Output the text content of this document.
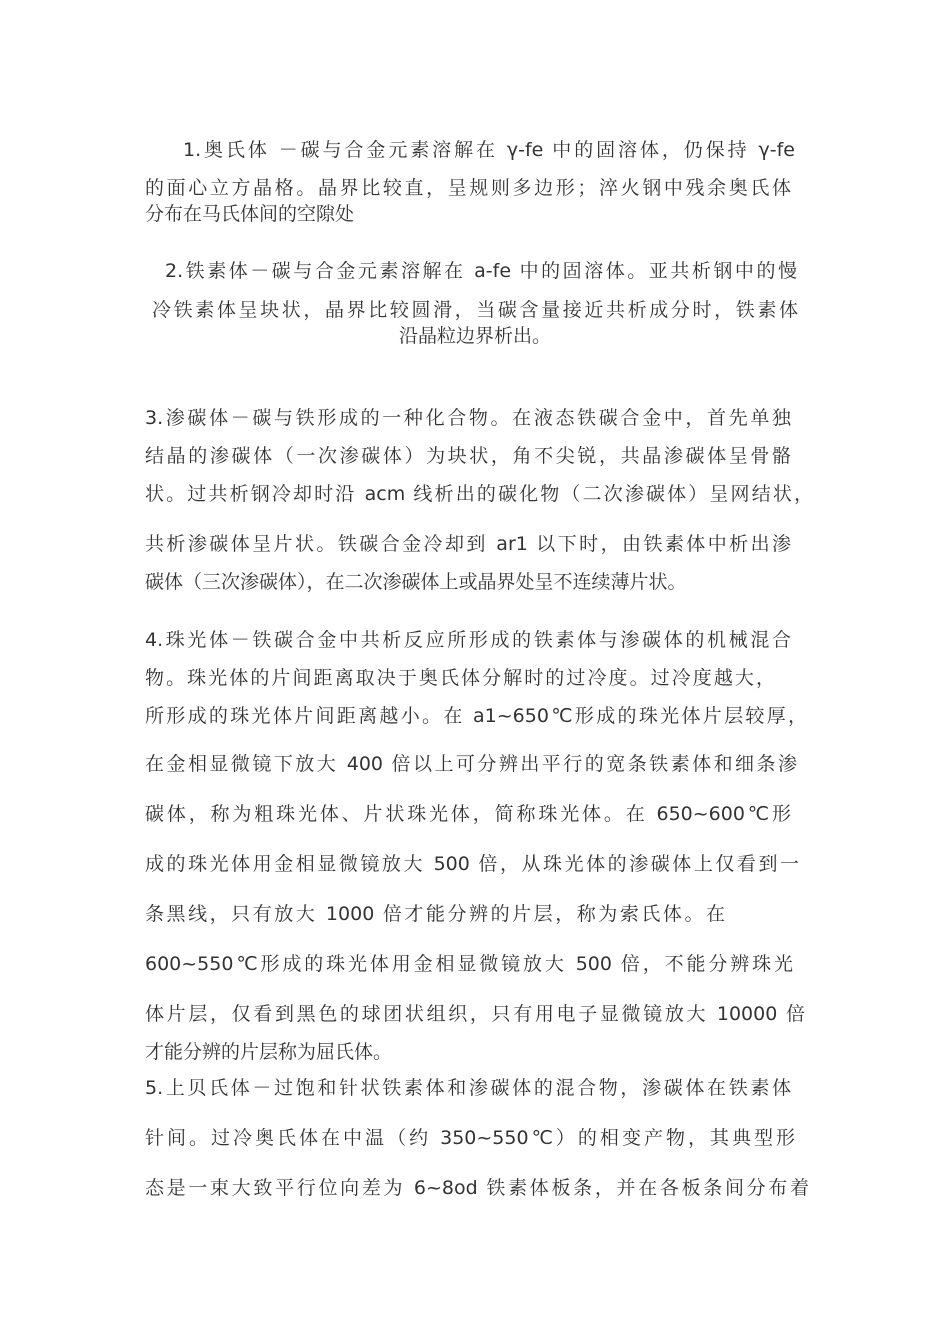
1.奥氏体 －碳与合金元素溶解在 γ-fe 中的固溶体，仍保持 γ-fe

的面心立方晶格。晶界比较直，呈规则多边形；淬火钢中残余奥氏体

分布在马氏体间的空隙处

2.铁素体－碳与合金元素溶解在 a-fe 中的固溶体。亚共析钢中的慢

冷铁素体呈块状，晶界比较圆滑，当碳含量接近共析成分时，铁素体

沿晶粒边界析出。

3.渗碳体－碳与铁形成的一种化合物。在液态铁碳合金中，首先单独

结晶的渗碳体（一次渗碳体）为块状，角不尖锐，共晶渗碳体呈骨骼

状。过共析钢冷却时沿 acm 线析出的碳化物（二次渗碳体）呈网结状，

共析渗碳体呈片状。铁碳合金冷却到 ar1 以下时，由铁素体中析出渗

碳体（三次渗碳体），在二次渗碳体上或晶界处呈不连续薄片状。

4.珠光体－铁碳合金中共析反应所形成的铁素体与渗碳体的机械混合

物。珠光体的片间距离取决于奥氏体分解时的过冷度。过冷度越大，

所形成的珠光体片间距离越小。在 a1~650℃形成的珠光体片层较厚，

在金相显微镜下放大 400 倍以上可分辨出平行的宽条铁素体和细条渗

碳体，称为粗珠光体、片状珠光体，简称珠光体。在 650~600℃形

成的珠光体用金相显微镜放大 500 倍，从珠光体的渗碳体上仅看到一

条黑线，只有放大 1000 倍才能分辨的片层，称为索氏体。在

600~550℃形成的珠光体用金相显微镜放大 500 倍，不能分辨珠光

体片层，仅看到黑色的球团状组织，只有用电子显微镜放大 10000 倍

才能分辨的片层称为屈氏体。

5.上贝氏体－过饱和针状铁素体和渗碳体的混合物，渗碳体在铁素体

针间。过冷奥氏体在中温（约 350~550℃）的相变产物，其典型形

态是一束大致平行位向差为 6~8od 铁素体板条，并在各板条间分布着
